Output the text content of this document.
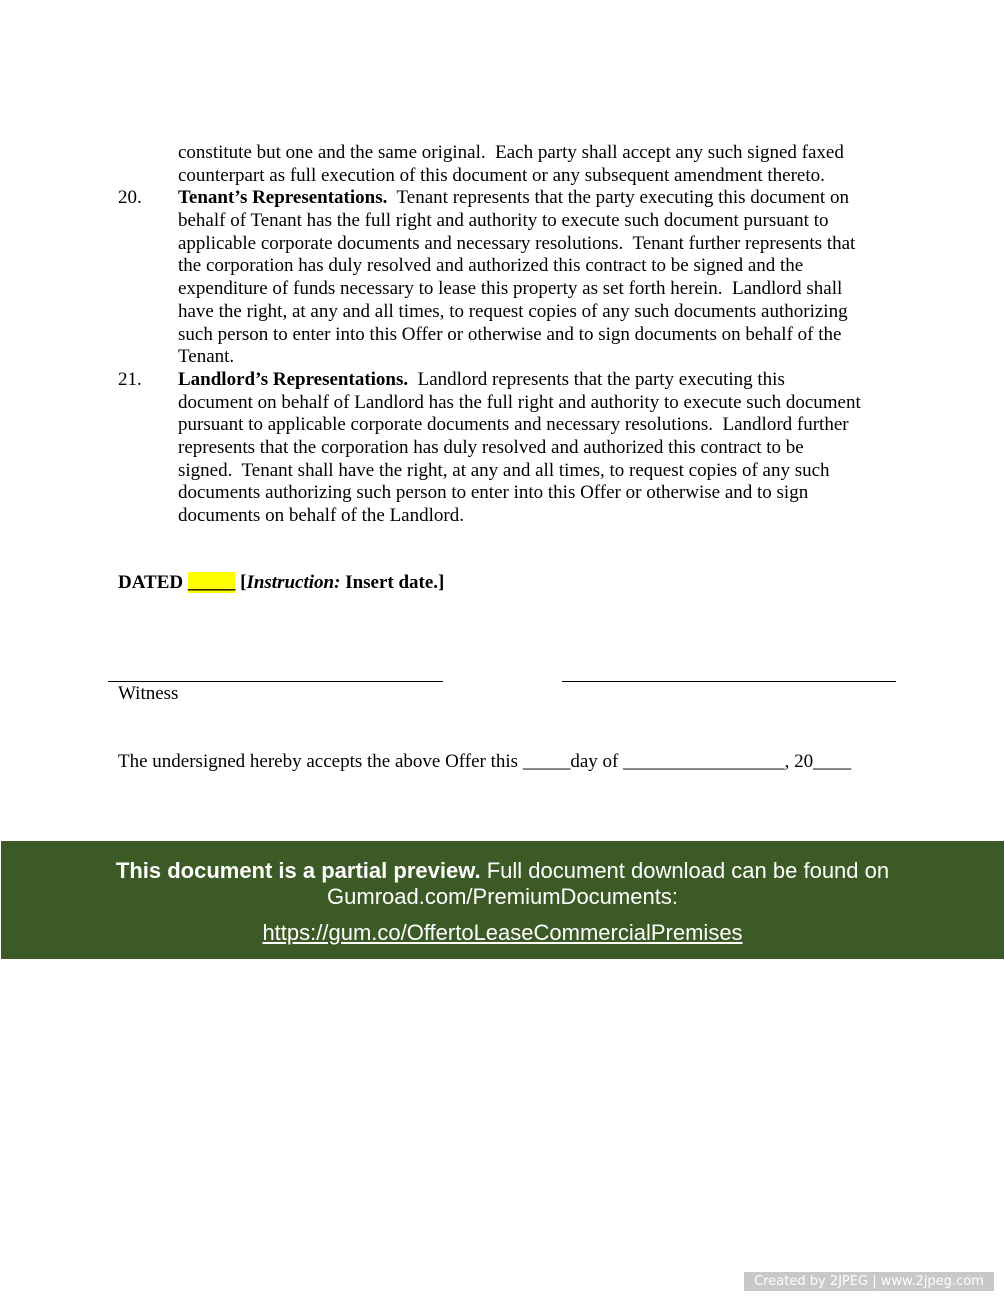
constitute but one and the same original.  Each party shall accept any such signed faxed
counterpart as full execution of this document or any subsequent amendment thereto.
20. Tenant’s Representations.  Tenant represents that the party executing this document on
behalf of Tenant has the full right and authority to execute such document pursuant to
applicable corporate documents and necessary resolutions.  Tenant further represents that
the corporation has duly resolved and authorized this contract to be signed and the
expenditure of funds necessary to lease this property as set forth herein.  Landlord shall
have the right, at any and all times, to request copies of any such documents authorizing
such person to enter into this Offer or otherwise and to sign documents on behalf of the
Tenant.
21. Landlord’s Representations.  Landlord represents that the party executing this
document on behalf of Landlord has the full right and authority to execute such document
pursuant to applicable corporate documents and necessary resolutions.  Landlord further
represents that the corporation has duly resolved and authorized this contract to be
signed.  Tenant shall have the right, at any and all times, to request copies of any such
documents authorizing such person to enter into this Offer or otherwise and to sign
documents on behalf of the Landlord.
DATED _____ [Instruction: Insert date.]
Witness
The undersigned hereby accepts the above Offer this _____day of _________________, 20____
This document is a partial preview. Full document download can be found on
Gumroad.com/PremiumDocuments:
https://gum.co/OffertoLeaseCommercialPremises
Created by 2JPEG | www.2jpeg.com
